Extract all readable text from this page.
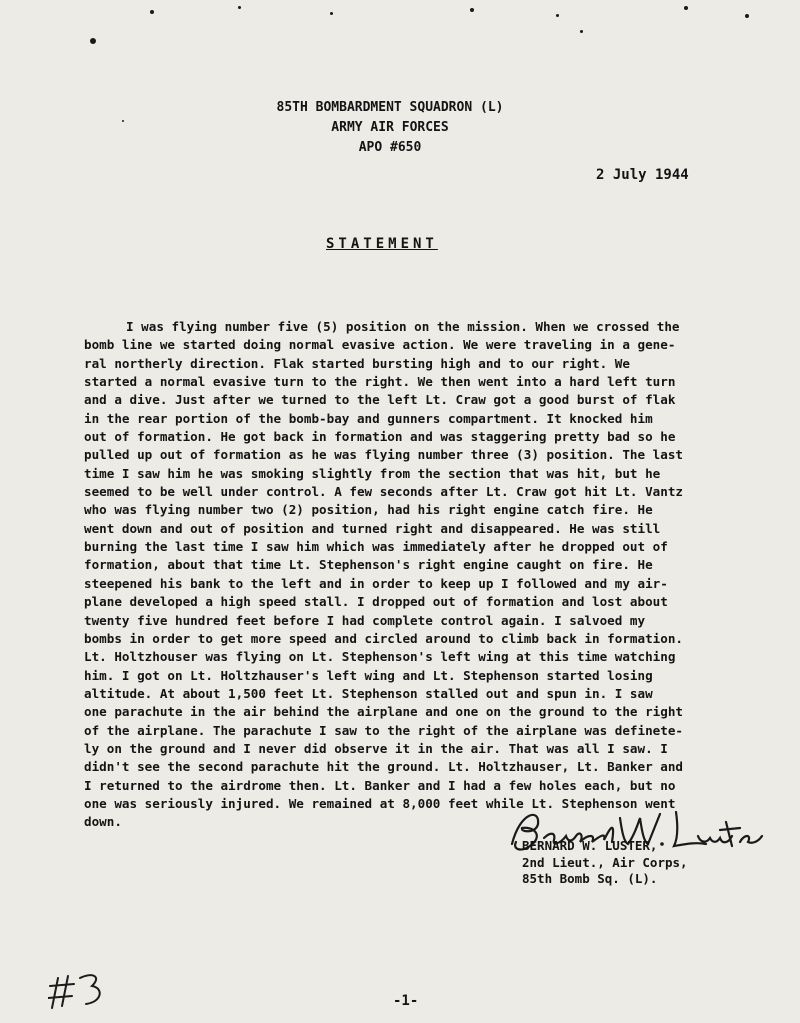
85TH BOMBARDMENT SQUADRON (L)
ARMY AIR FORCES
APO #650
2 July 1944
STATEMENT
I was flying number five (5) position on the mission. When we crossed the
bomb line we started doing normal evasive action. We were traveling in a gene-
ral northerly direction. Flak started bursting high and to our right. We
started a normal evasive turn to the right. We then went into a hard left turn
and a dive. Just after we turned to the left Lt. Craw got a good burst of flak
in the rear portion of the bomb-bay and gunners compartment. It knocked him
out of formation. He got back in formation and was staggering pretty bad so he
pulled up out of formation as he was flying number three (3) position. The last
time I saw him he was smoking slightly from the section that was hit, but he
seemed to be well under control. A few seconds after Lt. Craw got hit Lt. Vantz
who was flying number two (2) position, had his right engine catch fire. He
went down and out of position and turned right and disappeared. He was still
burning the last time I saw him which was immediately after he dropped out of
formation, about that time Lt. Stephenson's right engine caught on fire. He
steepened his bank to the left and in order to keep up I followed and my air-
plane developed a high speed stall. I dropped out of formation and lost about
twenty five hundred feet before I had complete control again. I salvoed my
bombs in order to get more speed and circled around to climb back in formation.
Lt. Holtzhouser was flying on Lt. Stephenson's left wing at this time watching
him. I got on Lt. Holtzhauser's left wing and Lt. Stephenson started losing
altitude. At about 1,500 feet Lt. Stephenson stalled out and spun in. I saw
one parachute in the air behind the airplane and one on the ground to the right
of the airplane. The parachute I saw to the right of the airplane was definete-
ly on the ground and I never did observe it in the air. That was all I saw. I
didn't see the second parachute hit the ground. Lt. Holtzhauser, Lt. Banker and
I returned to the airdrome then. Lt. Banker and I had a few holes each, but no
one was seriously injured. We remained at 8,000 feet while Lt. Stephenson went
down.
BERNARD W. LUSTER,
2nd Lieut., Air Corps,
85th Bomb Sq. (L).
-1-
